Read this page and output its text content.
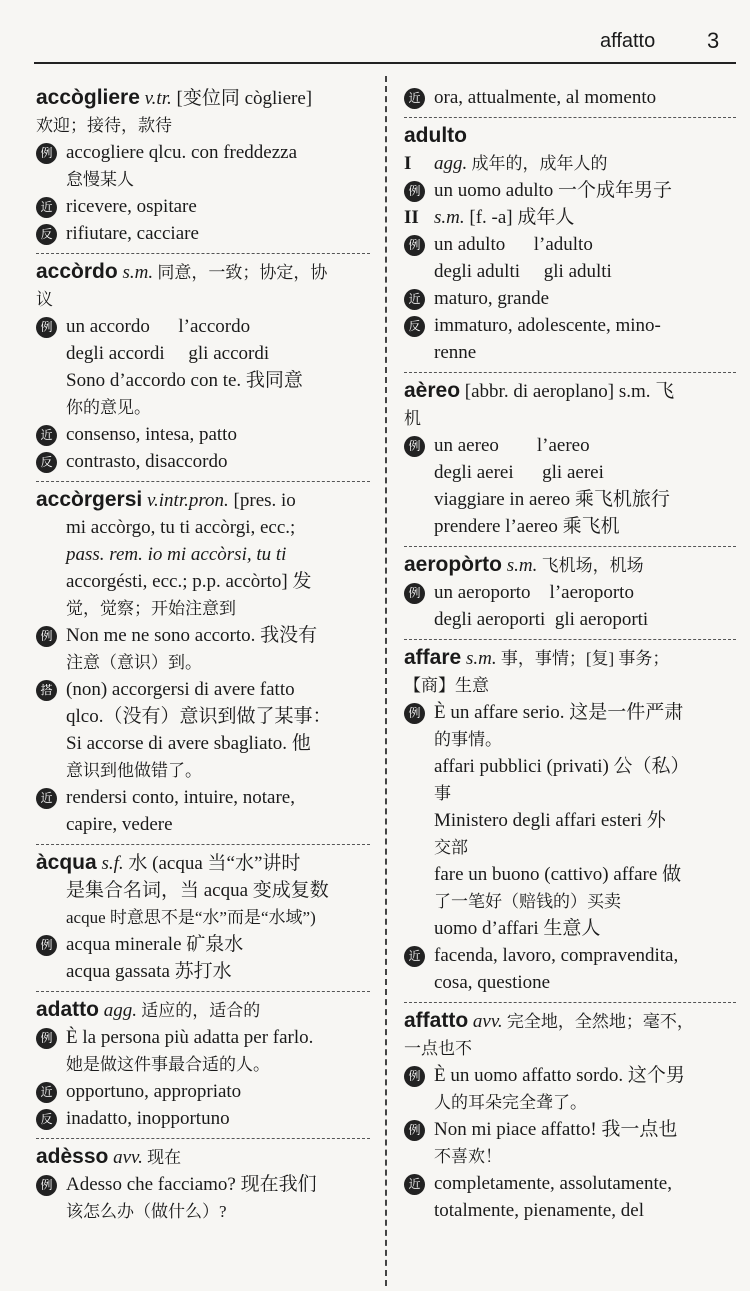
affatto 3
accògliere v.tr. [变位同 cògliere]
欢迎；接待，款待
例 accogliere qlcu. con freddezza
怠慢某人
近 ricevere, ospitare
反 rifiutare, cacciare
accòrdo s.m. 同意，一致；协定，协
议
例 un accordo      l’accordo
degli accordi     gli accordi
Sono d’accordo con te. 我同意
你的意见。
近 consenso, intesa, patto
反 contrasto, disaccordo
accòrgersi v.intr.pron. [pres. io
mi accòrgo, tu ti accòrgi, ecc.;
pass. rem. io mi accòrsi, tu ti
accorgésti, ecc.; p.p. accòrto] 发
觉，觉察；开始注意到
例 Non me ne sono accorto. 我没有
注意（意识）到。
搭 (non) accorgersi di avere fatto
qlco.（没有）意识到做了某事：
Si accorse di avere sbagliato. 他
意识到他做错了。
近 rendersi conto, intuire, notare,
capire, vedere
àcqua s.f. 水 (acqua 当“水”讲时
是集合名词，当 acqua 变成复数
acque 时意思不是“水”而是“水域”)
例 acqua minerale 矿泉水
acqua gassata 苏打水
adatto agg. 适应的，适合的
例 È la persona più adatta per farlo.
她是做这件事最合适的人。
近 opportuno, appropriato
反 inadatto, inopportuno
adèsso avv. 现在
例 Adesso che facciamo? 现在我们
该怎么办（做什么）?
近 ora, attualmente, al momento
adulto
I agg. 成年的，成年人的
例 un uomo adulto 一个成年男子
II s.m. [f. -a] 成年人
例 un adulto      l’adulto
degli adulti     gli adulti
近 maturo, grande
反 immaturo, adolescente, mino-
renne
aèreo [abbr. di aeroplano] s.m. 飞
机
例 un aereo        l’aereo
degli aerei      gli aerei
viaggiare in aereo 乘飞机旅行
prendere l’aereo 乘飞机
aeropòrto s.m. 飞机场，机场
例 un aeroporto    l’aeroporto
degli aeroporti  gli aeroporti
affare s.m. 事，事情；[复] 事务；
【商】生意
例 È un affare serio. 这是一件严肃
的事情。
affari pubblici (privati) 公（私）
事
Ministero degli affari esteri 外
交部
fare un buono (cattivo) affare 做
了一笔好（赔钱的）买卖
uomo d’affari 生意人
近 facenda, lavoro, compravendita,
cosa, questione
affatto avv. 完全地，全然地；毫不，
一点也不
例 È un uomo affatto sordo. 这个男
人的耳朵完全聋了。
例 Non mi piace affatto! 我一点也
不喜欢！
近 completamente, assolutamente,
totalmente, pienamente, del
